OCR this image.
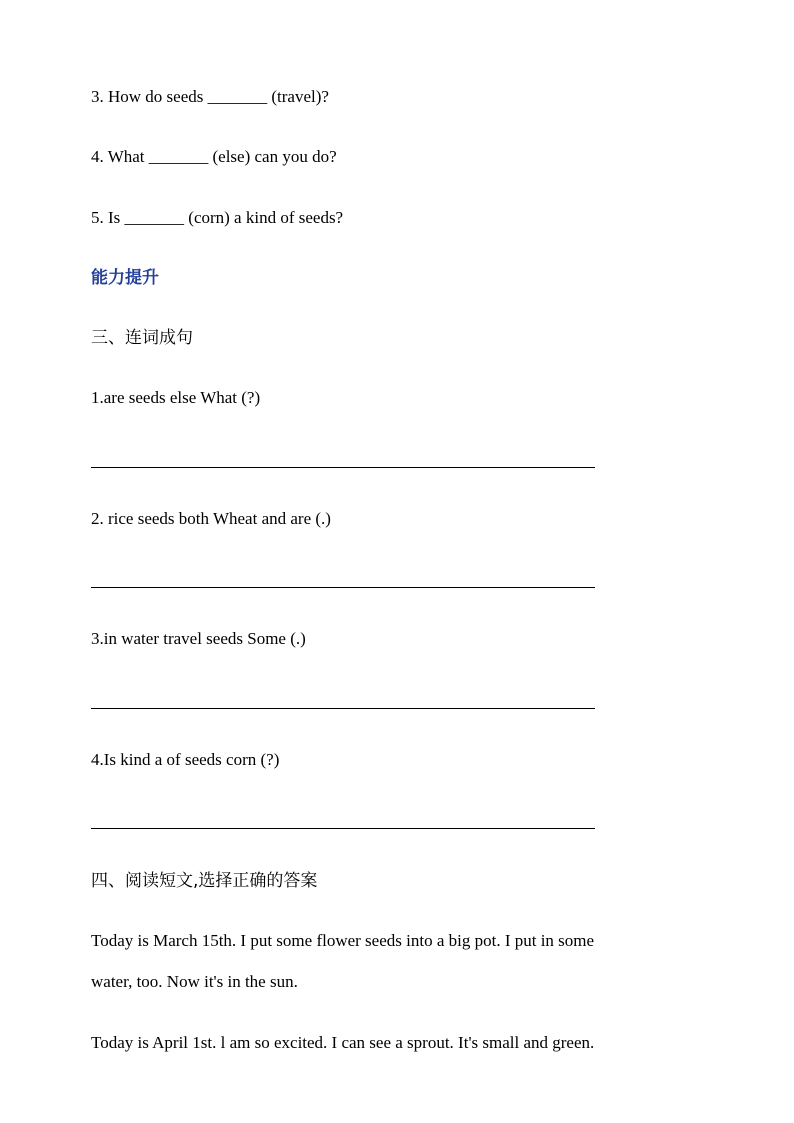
3. How do seeds _______ (travel)?

4. What _______ (else) can you do?

5. Is _______ (corn) a kind of seeds?

能力提升

三、连词成句

1.are seeds else What (?)

2. rice seeds both Wheat and are (.)

3.in water travel seeds Some (.)

4.Is kind a of seeds corn (?)

四、阅读短文,选择正确的答案

Today is March 15th. I put some flower seeds into a big pot. I put in some

water, too. Now it's in the sun.

Today is April 1st. l am so excited. I can see a sprout. It's small and green.
